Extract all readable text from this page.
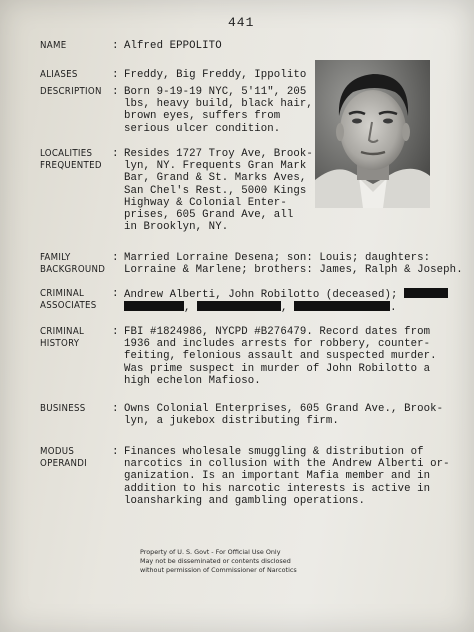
441
NAME	: Alfred EPPOLITO
ALIASES	: Freddy, Big Freddy, Ippolito
DESCRIPTION : Born 9-19-19 NYC, 5'11", 205
lbs, heavy build, black hair,
brown eyes, suffers from
serious ulcer condition.
LOCALITIES
FREQUENTED
: Resides 1727 Troy Ave, Brook-
lyn, NY. Frequents Gran Mark
Bar, Grand & St. Marks Aves,
San Chel's Rest., 5000 Kings
Highway & Colonial Enter-
prises, 605 Grand Ave, all
in Brooklyn, NY.
FAMILY
BACKGROUND
: Married Lorraine Desena; son: Louis; daughters:
Lorraine & Marlene; brothers: James, Ralph & Joseph.
CRIMINAL
ASSOCIATES
: Andrew Alberti, John Robilotto (deceased);
,	,	.
CRIMINAL
HISTORY
: FBI #1824986, NYCPD #B276479. Record dates from
1936 and includes arrests for robbery, counter-
feiting, felonious assault and suspected murder.
Was prime suspect in murder of John Robilotto a
high echelon Mafioso.
BUSINESS	: Owns Colonial Enterprises, 605 Grand Ave., Brook-
lyn, a jukebox distributing firm.
MODUS
OPERANDI
: Finances wholesale smuggling & distribution of
narcotics in collusion with the Andrew Alberti or-
ganization. Is an important Mafia member and in
addition to his narcotic interests is active in
loansharking and gambling operations.
Property of U. S. Govt - For Official Use Only
May not be disseminated or contents disclosed
without permission of Commissioner of Narcotics
